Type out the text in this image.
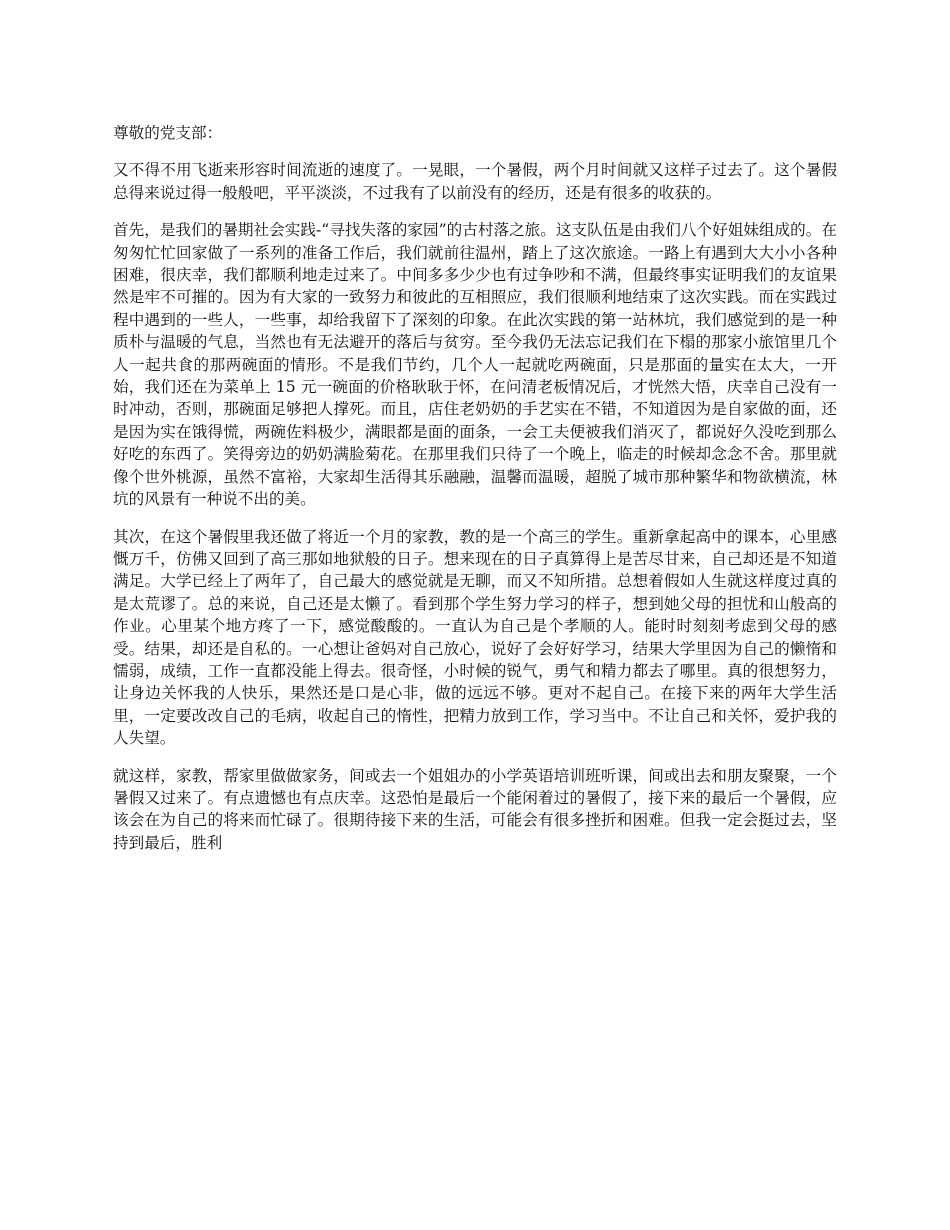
尊敬的党支部：

又不得不用飞逝来形容时间流逝的速度了。一晃眼，一个暑假，两个月时间就又这样子过去了。这个暑假总得来说过得一般般吧，平平淡淡，不过我有了以前没有的经历，还是有很多的收获的。

首先，是我们的暑期社会实践-“寻找失落的家园”的古村落之旅。这支队伍是由我们八个好姐妹组成的。在匆匆忙忙回家做了一系列的准备工作后，我们就前往温州，踏上了这次旅途。一路上有遇到大大小小各种困难，很庆幸，我们都顺利地走过来了。中间多多少少也有过争吵和不满，但最终事实证明我们的友谊果然是牢不可摧的。因为有大家的一致努力和彼此的互相照应，我们很顺利地结束了这次实践。而在实践过程中遇到的一些人，一些事，却给我留下了深刻的印象。在此次实践的第一站林坑，我们感觉到的是一种质朴与温暖的气息，当然也有无法避开的落后与贫穷。至今我仍无法忘记我们在下榻的那家小旅馆里几个人一起共食的那两碗面的情形。不是我们节约，几个人一起就吃两碗面，只是那面的量实在太大，一开始，我们还在为菜单上 15 元一碗面的价格耿耿于怀，在问清老板情况后，才恍然大悟，庆幸自己没有一时冲动，否则，那碗面足够把人撑死。而且，店住老奶奶的手艺实在不错，不知道因为是自家做的面，还是因为实在饿得慌，两碗佐料极少，满眼都是面的面条，一会工夫便被我们消灭了，都说好久没吃到那么好吃的东西了。笑得旁边的奶奶满脸菊花。在那里我们只待了一个晚上，临走的时候却念念不舍。那里就像个世外桃源，虽然不富裕，大家却生活得其乐融融，温馨而温暖，超脱了城市那种繁华和物欲横流，林坑的风景有一种说不出的美。

其次，在这个暑假里我还做了将近一个月的家教，教的是一个高三的学生。重新拿起高中的课本，心里感慨万千，仿佛又回到了高三那如地狱般的日子。想来现在的日子真算得上是苦尽甘来，自己却还是不知道满足。大学已经上了两年了，自己最大的感觉就是无聊，而又不知所措。总想着假如人生就这样度过真的是太荒谬了。总的来说，自己还是太懒了。看到那个学生努力学习的样子，想到她父母的担忧和山般高的作业。心里某个地方疼了一下，感觉酸酸的。一直认为自己是个孝顺的人。能时时刻刻考虑到父母的感受。结果，却还是自私的。一心想让爸妈对自己放心，说好了会好好学习，结果大学里因为自己的懒惰和懦弱，成绩，工作一直都没能上得去。很奇怪，小时候的锐气，勇气和精力都去了哪里。真的很想努力，让身边关怀我的人快乐，果然还是口是心非，做的远远不够。更对不起自己。在接下来的两年大学生活里，一定要改改自己的毛病，收起自己的惰性，把精力放到工作，学习当中。不让自己和关怀，爱护我的人失望。

就这样，家教，帮家里做做家务，间或去一个姐姐办的小学英语培训班听课，间或出去和朋友聚聚，一个暑假又过来了。有点遗憾也有点庆幸。这恐怕是最后一个能闲着过的暑假了，接下来的最后一个暑假，应该会在为自己的将来而忙碌了。很期待接下来的生活，可能会有很多挫折和困难。但我一定会挺过去，坚持到最后，胜利
